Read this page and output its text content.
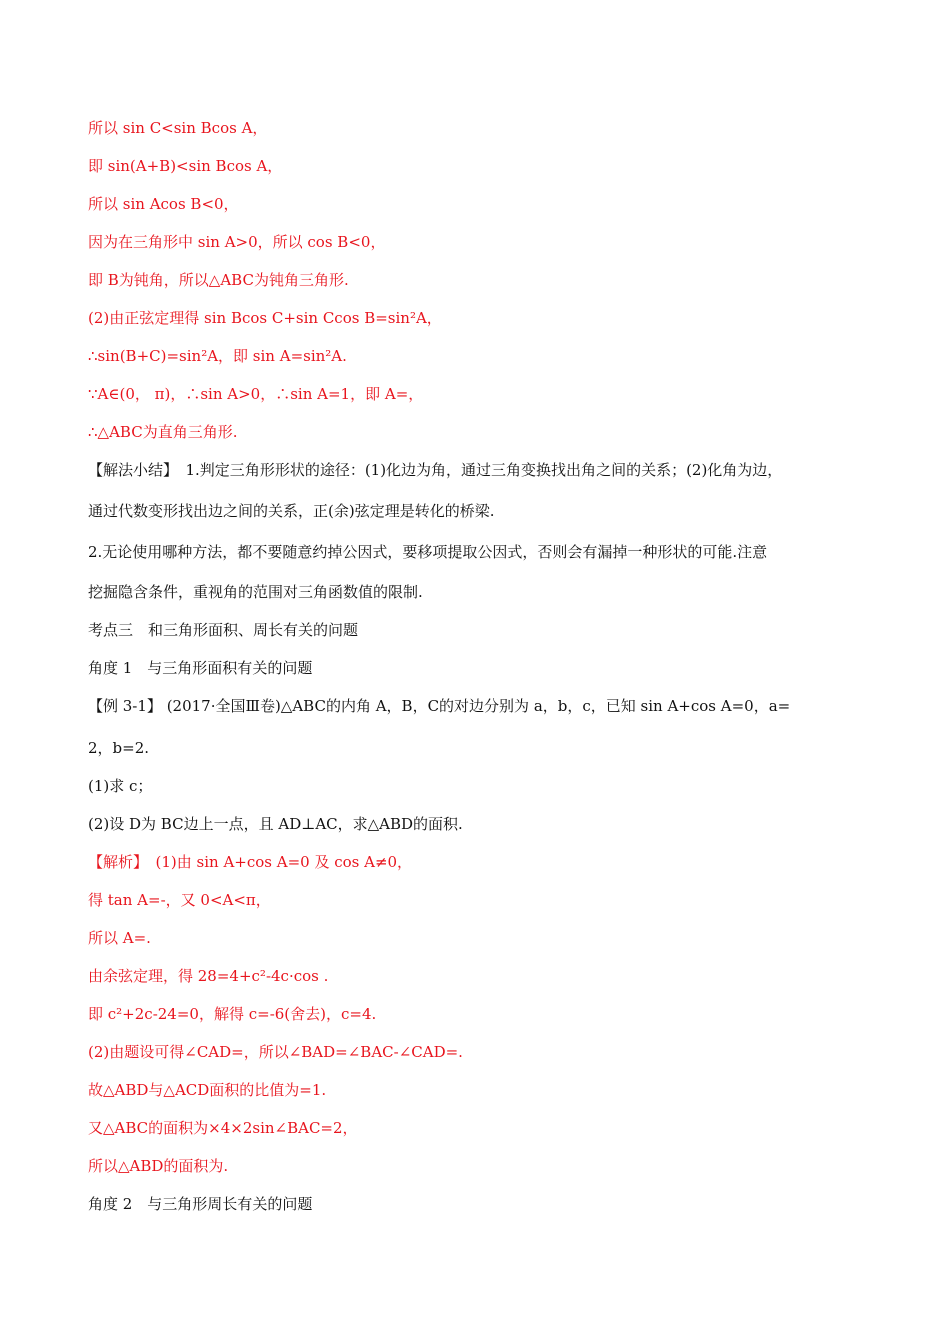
所以 sin C<sin Bcos A，
即 sin(A+B)<sin Bcos A，
所以 sin Acos B<0，
因为在三角形中 sin A>0，所以 cos B<0，
即 B为钝角，所以△ABC为钝角三角形.
(2)由正弦定理得 sin Bcos C+sin Ccos B=sin²A，
∴sin(B+C)=sin²A，即 sin A=sin²A.
∵A∈(0， π)，∴sin A>0，∴sin A=1，即 A=，
∴△ABC为直角三角形.
【解法小结】　1.判定三角形形状的途径：(1)化边为角，通过三角变换找出角之间的关系；(2)化角为边，
通过代数变形找出边之间的关系，正(余)弦定理是转化的桥梁.
2.无论使用哪种方法，都不要随意约掉公因式，要移项提取公因式，否则会有漏掉一种形状的可能.注意
挖掘隐含条件，重视角的范围对三角函数值的限制.
考点三　和三角形面积、周长有关的问题
角度 1　与三角形面积有关的问题
【例 3-1】 (2017·全国Ⅲ卷)△ABC的内角 A，B，C的对边分别为 a，b，c，已知 sin A+cos A=0，a=
2，b=2.
(1)求 c；
(2)设 D为 BC边上一点，且 AD⊥AC，求△ABD的面积.
【解析】　(1)由 sin A+cos A=0 及 cos A≠0，
得 tan A=-，又 0<A<π，
所以 A=.
由余弦定理，得 28=4+c²-4c·cos .
即 c²+2c-24=0，解得 c=-6(舍去)，c=4.
(2)由题设可得∠CAD=，所以∠BAD=∠BAC-∠CAD=.
故△ABD与△ACD面积的比值为=1.
又△ABC的面积为×4×2sin∠BAC=2，
所以△ABD的面积为.
角度 2　与三角形周长有关的问题
